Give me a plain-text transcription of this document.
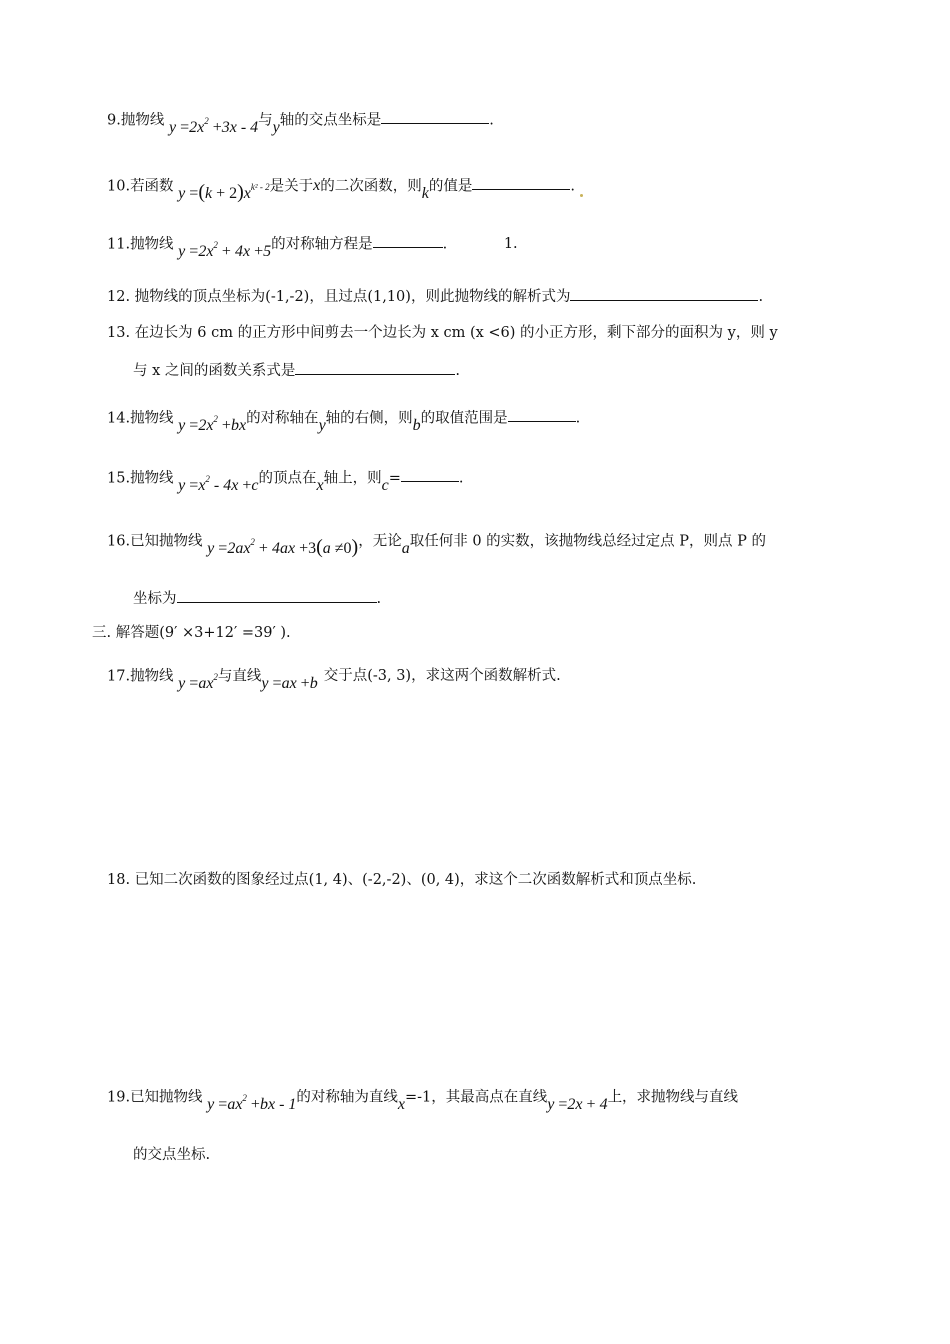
9.抛物线 $y =2x^2 +3x - 4$与y轴的交点坐标是	.
10.若函数 $y =(k + 2)x^{k^2 - 2}$是关于x的二次函数，则k的值是	.
11.抛物线 $y =2x^2 + 4x +5$的对称轴方程是	.	1.
12. 抛物线的顶点坐标为(-1,-2)，且过点(1,10)，则此抛物线的解析式为	.
13. 在边长为 6 cm 的正方形中间剪去一个边长为 x cm (x <6) 的小正方形，剩下部分的面积为 y，则 y
与 x 之间的函数关系式是	.
14.抛物线 $y =2x^2 +bx$的对称轴在y轴的右侧，则b的取值范围是	.
15.抛物线 $y =x^2 - 4x +c$的顶点在x轴上，则c=	.
16.已知抛物线 $y =2ax^2 + 4ax +3(a \ne 0)$，无论a取任何非 0 的实数，该抛物线总经过定点 P，则点 P 的
坐标为	.
三. 解答题(9′ ×3+12′ =39′ ).
17.抛物线 $y =ax^2$与直线y =ax +b 交于点(-3, 3)，求这两个函数解析式.
18. 已知二次函数的图象经过点(1, 4)、(-2,-2)、(0, 4)，求这个二次函数解析式和顶点坐标.
19.已知抛物线 $y =ax^2 +bx - 1$的对称轴为直线x=-1，其最高点在直线y =2x + 4上，求抛物线与直线
的交点坐标.
